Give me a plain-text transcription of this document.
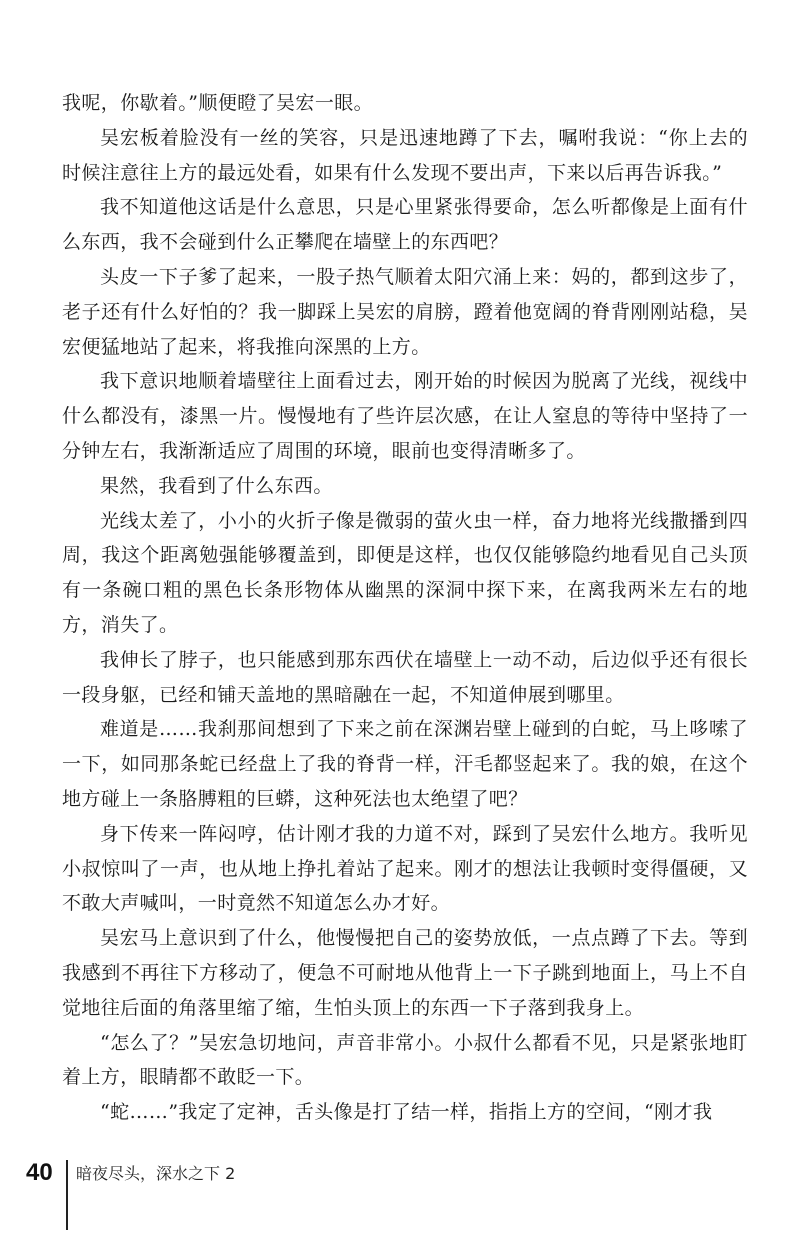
我呢，你歇着。”顺便瞪了吴宏一眼。

吴宏板着脸没有一丝的笑容，只是迅速地蹲了下去，嘱咐我说：“你上去的时候注意往上方的最远处看，如果有什么发现不要出声，下来以后再告诉我。”

我不知道他这话是什么意思，只是心里紧张得要命，怎么听都像是上面有什么东西，我不会碰到什么正攀爬在墙壁上的东西吧？

头皮一下子爹了起来，一股子热气顺着太阳穴涌上来：妈的，都到这步了，老子还有什么好怕的？我一脚踩上吴宏的肩膀，蹬着他宽阔的脊背刚刚站稳，吴宏便猛地站了起来，将我推向深黑的上方。

我下意识地顺着墙壁往上面看过去，刚开始的时候因为脱离了光线，视线中什么都没有，漆黑一片。慢慢地有了些许层次感，在让人窒息的等待中坚持了一分钟左右，我渐渐适应了周围的环境，眼前也变得清晰多了。

果然，我看到了什么东西。

光线太差了，小小的火折子像是微弱的萤火虫一样，奋力地将光线撒播到四周，我这个距离勉强能够覆盖到，即便是这样，也仅仅能够隐约地看见自己头顶有一条碗口粗的黑色长条形物体从幽黑的深洞中探下来，在离我两米左右的地方，消失了。

我伸长了脖子，也只能感到那东西伏在墙壁上一动不动，后边似乎还有很长一段身躯，已经和铺天盖地的黑暗融在一起，不知道伸展到哪里。

难道是……我刹那间想到了下来之前在深渊岩壁上碰到的白蛇，马上哆嗦了一下，如同那条蛇已经盘上了我的脊背一样，汗毛都竖起来了。我的娘，在这个地方碰上一条胳膊粗的巨蟒，这种死法也太绝望了吧？

身下传来一阵闷哼，估计刚才我的力道不对，踩到了吴宏什么地方。我听见小叔惊叫了一声，也从地上挣扎着站了起来。刚才的想法让我顿时变得僵硬，又不敢大声喊叫，一时竟然不知道怎么办才好。

吴宏马上意识到了什么，他慢慢把自己的姿势放低，一点点蹲了下去。等到我感到不再往下方移动了，便急不可耐地从他背上一下子跳到地面上，马上不自觉地往后面的角落里缩了缩，生怕头顶上的东西一下子落到我身上。

“怎么了？”吴宏急切地问，声音非常小。小叔什么都看不见，只是紧张地盯着上方，眼睛都不敢眨一下。

“蛇……”我定了定神，舌头像是打了结一样，指指上方的空间，“刚才我

40 暗夜尽头，深水之下 2
